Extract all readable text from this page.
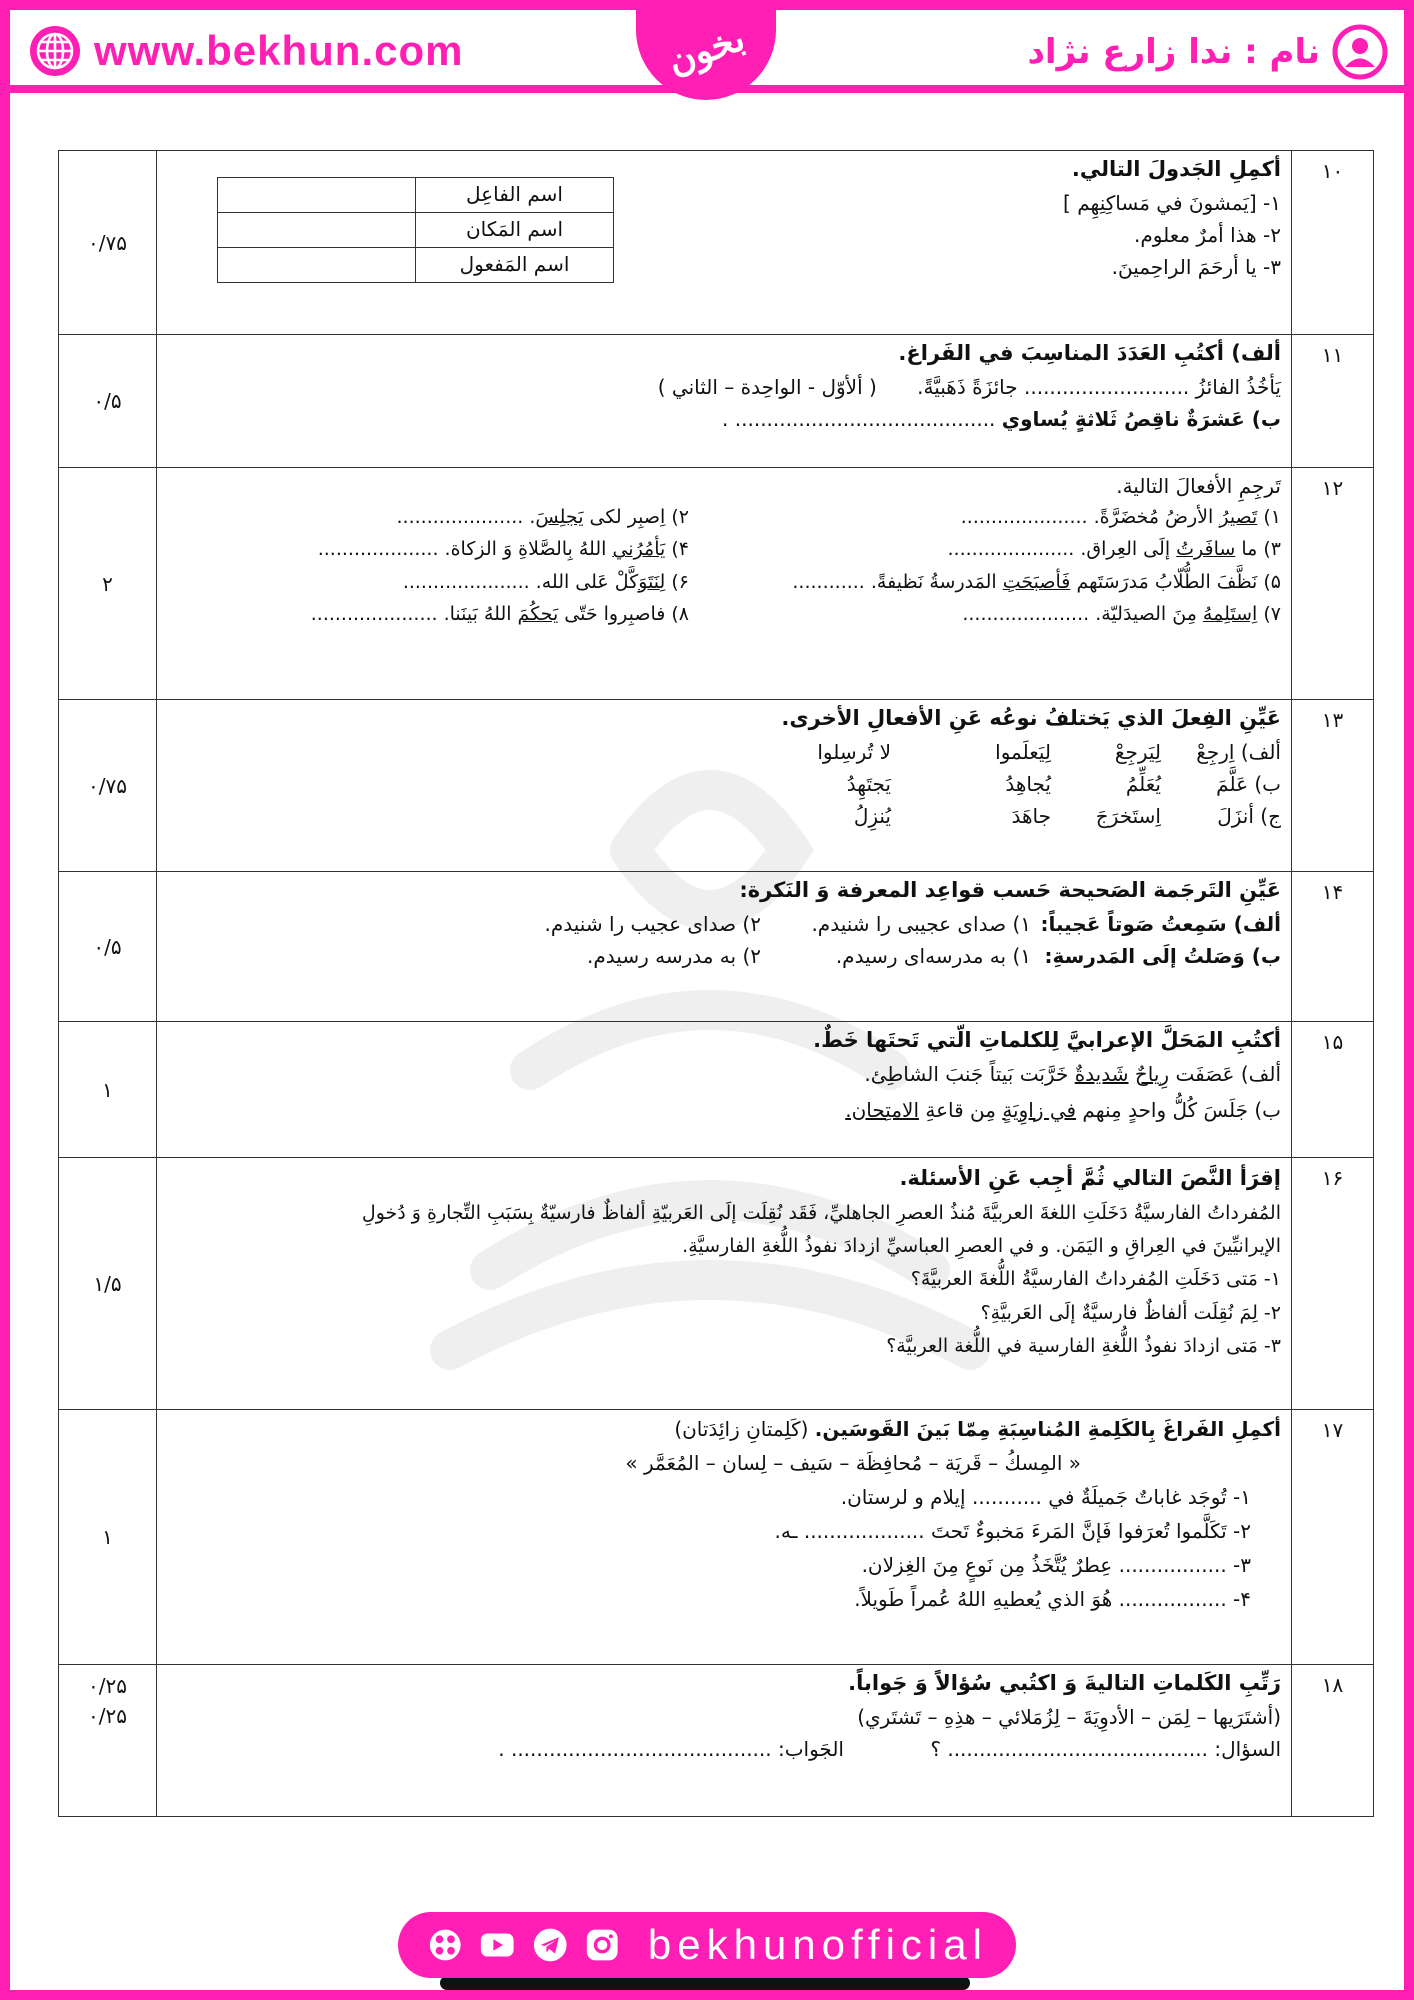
www.bekhun.com	بخون	نام : ندا زارع نژاد
۱۰	
أكمِلِ الجَدولَ التالي.
۱- [يَمشونَ في مَساكِنِهِم ]
۲- هذا أمرٌ معلوم.
۳- يا أرحَمَ الراحِمينَ.
اسم الفاعِل	
اسم المَكان	
اسم المَفعول	
	۰/۷۵
۱۱	
ألف) أكتُبِ العَدَدَ المناسِبَ في الفَراغ.
يَأخُذُ الفائزُ .......................... جائزَةً ذَهَبيَّةً. ( ألأوّل - الواحِدة – الثاني )
ب) عَشرَةٌ ناقِصُ ثَلاثةٍ يُساوي ......................................... .
	۰/۵
۱۲	
تَرجِمِ الأفعالَ التالية.
۱) تَصيرُ الأرضُ مُخضَرَّةً. .....................
۲) اِصبِر لکی يَجلِسَ. .....................
۳) ما سافَرتُ إلَى العِراق. .....................
۴) يَأمُرُني اللهُ بِالصَّلاةِ وَ الزكاة. ....................
۵) نَظَّفَ الطُّلّابُ مَدرَسَتَهم فَأصبَحَتِ المَدرسةُ نَظيفةً. ............
۶) لِنَتَوَكَّلْ عَلى الله. .....................
۷) اِستَلِمهُ مِنَ الصيدَليّة. .....................
۸) فاصبِروا حَتّى يَحكُمَ اللهُ بَينَنا. .....................
	۲
۱۳	
عَيِّنِ الفِعلَ الذي يَختلفُ نوعُه عَنِ الأفعالِ الأخرى.
ألف) اِرجِعْ
لِيَرجِعْ
لِيَعلَموا
لا تُرسِلوا
ب) عَلَّمَ
يُعَلِّمُ
يُجاهِدُ
يَجتَهِدُ
ج) أنزَلَ
اِستَخرَجَ
جاهَدَ
يُنزِلُ
	۰/۷۵
۱۴	
عَيِّنِ التَرجَمة الصَحيحة حَسب قواعِد المعرفة وَ النَكرة:
ألف) سَمِعتُ صَوتاً عَجيباً:
۱) صدای عجیبی را شنیدم.
۲) صدای عجیب را شنیدم.
ب) وَصَلتُ إلَى المَدرسةِ:
۱) به مدرسه‌ای رسیدم.
۲) به مدرسه رسیدم.
	۰/۵
۱۵	
أكتُبِ المَحَلَّ الإعرابيَّ لِلكلماتِ الّتي تَحتَها خَطٌ.
ألف) عَصَفَت رِياحٌ شَديدةٌ خَرَّبَت بَيتاً جَنبَ الشاطِئ.
ب) جَلَسَ كُلُّ واحدٍ مِنهم في زاوِيَةٍ مِن قاعةِ الامتِحان.
	۱
۱۶	
إقرَأ النَّصَ التالي ثُمَّ أجِب عَنِ الأسئلة.
المُفرداتُ الفارسيَّةُ دَخَلَتِ اللغةَ العربيَّةَ مُنذُ العصرِ الجاهليِّ، فَقَد نُقِلَت إلَى العَربيّةِ ألفاظٌ فارسيّةٌ بِسَبَبِ التِّجارةِ وَ دُخولِ
الإيرانيِّينَ في العِراقِ و اليَمَن. و في العصرِ العباسيِّ ازدادَ نفوذُ اللُّغةِ الفارسيَّةِ.
۱- مَتى دَخَلَتِ المُفرداتُ الفارسيَّةُ اللُّغةَ العربيَّةَ؟
۲- لِمَ نُقِلَت ألفاظٌ فارسيَّةٌ إلَى العَربيَّةِ؟
۳- مَتى ازدادَ نفوذُ اللُّغةِ الفارسية في اللُّغة العربيَّة؟
	۱/۵
۱۷	
أكمِلِ الفَراغَ بِالكَلِمةِ المُناسِبَةِ مِمّا بَينَ القَوسَين. (كَلِمتانِ زائِدَتان)
« المِسكُ – قَريَة – مُحافِظَة – سَيف – لِسان – المُعَمَّر »
۱- تُوجَد غاباتٌ جَميلَةٌ في ........... إيلام و لرستان.
۲- تَكَلَّموا تُعرَفوا فَإنَّ المَرءَ مَخبوءٌ تَحتَ ................... ـه.
۳- ................. عِطرٌ يُتَّخَذُ مِن نَوعٍ مِنَ الغِزلان.
۴- ................. هُوَ الذي يُعطيهِ اللهُ عُمراً طَويلاً.
	۱
۱۸	
رَتِّبِ الكَلماتِ التاليةَ وَ اكتُبي سُؤالاً وَ جَواباً.
(أشتَرَيها – لِمَن – الأدوِيَةَ – لِزُمَلائي – هذِهِ – تَشتَري)
السؤال: ......................................... ؟ الجَواب: ......................................... .

۰/۲۵
۰/۲۵
bekhunofficial
